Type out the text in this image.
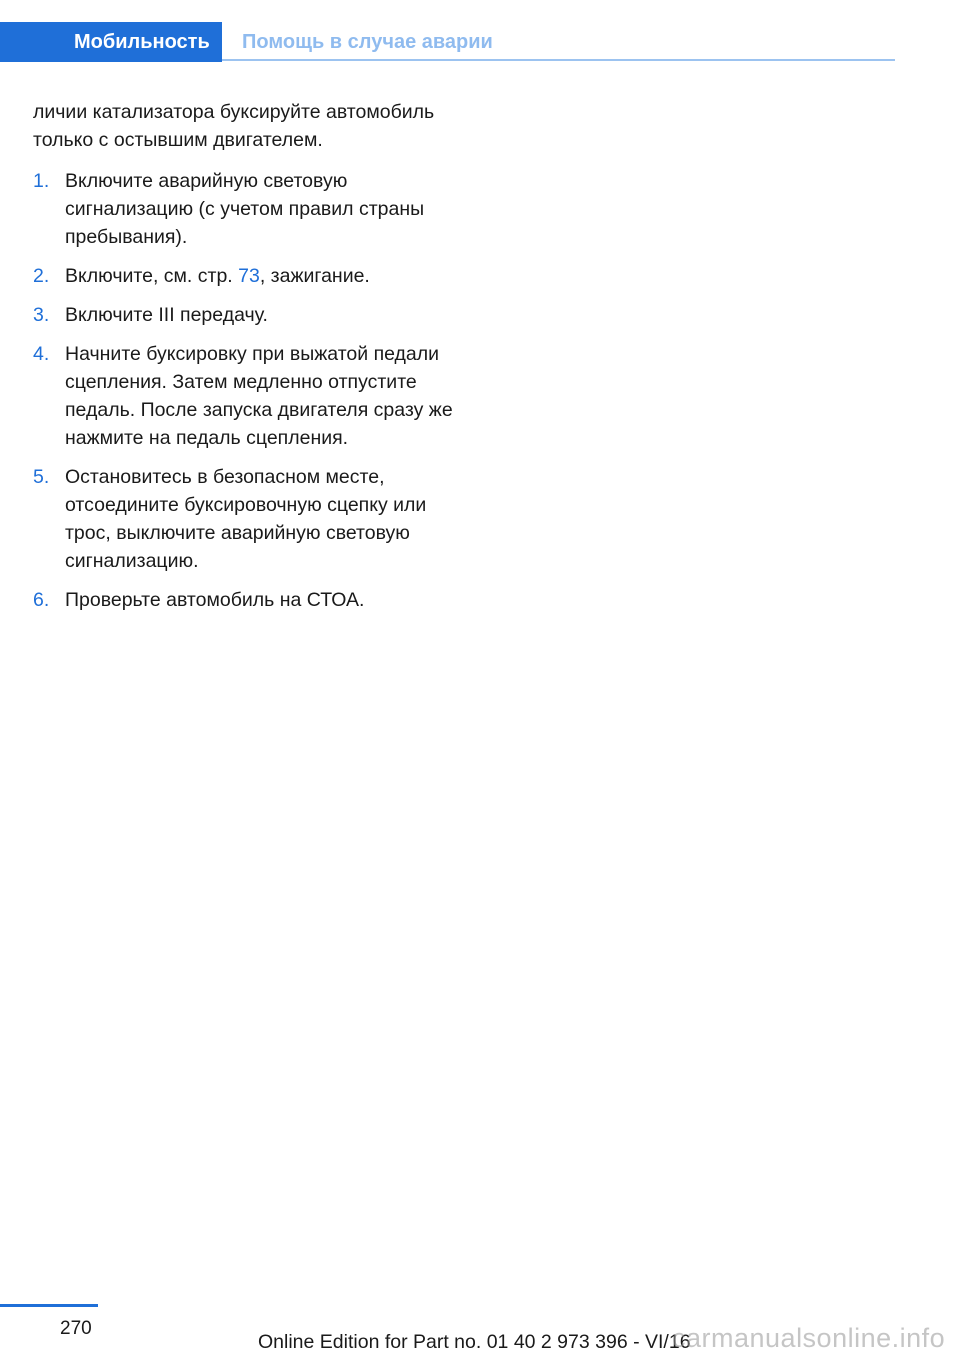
Мобильность	Помощь в случае аварии

личии катализатора буксируйте автомобиль только с остывшим двигателем.

1. Включите аварийную световую сигнализацию (с учетом правил страны пребывания).
2. Включите, см. стр. 73, зажигание.
3. Включите III передачу.
4. Начните буксировку при выжатой педали сцепления. Затем медленно отпустите педаль. После запуска двигателя сразу же нажмите на педаль сцепления.
5. Остановитесь в безопасном месте, отсоедините буксировочную сцепку или трос, выключите аварийную световую сигнализацию.
6. Проверьте автомобиль на СТОА.
270
Online Edition for Part no. 01 40 2 973 396 - VI/16
carmanualsonline.info
